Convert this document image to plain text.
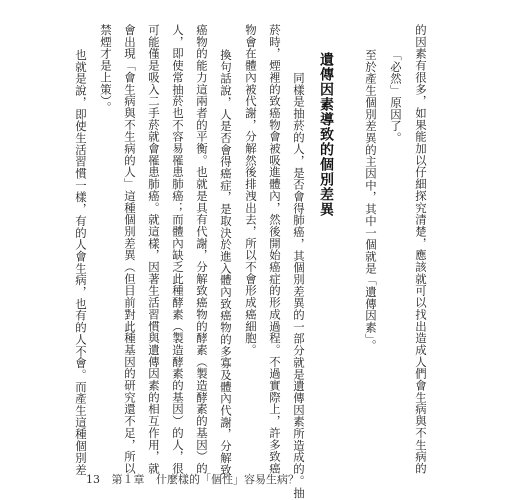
的因素有很多，如果能加以仔細探究清楚，應該就可以找出造成人們會生病與不生病的

「必然」原因了。

至於產生個別差異的主因中，其中一個就是「遺傳因素」。

遺傳因素導致的個別差異

同樣是抽菸的人，是否會得肺癌，其個別差異的一部分就是遺傳因素所造成的。抽

菸時，煙裡的致癌物會被吸進體內，然後開始癌症的形成過程。不過實際上，許多致癌

物會在體內被代謝，分解然後排洩出去，所以不會形成癌細胞。

換句話說，人是否會得癌症，是取決於進入體內致癌物的多寡及體內代謝，分解致

癌物的能力這兩者的平衡。也就是具有代謝，分解致癌物的酵素（製造酵素的基因）的

人，即使常抽菸也不容易罹患肺癌；而體內缺乏此種酵素（製造酵素的基因）的人，很

可能僅是吸入二手菸就會罹患肺癌。就這樣，因著生活習慣與遺傳因素的相互作用，就

會出現「會生病與不生病的人」這種個別差異（但目前對此種基因的研究還不足，所以

禁煙才是上策）。

也就是說，即使生活習慣一樣，有的人會生病，也有的人不會。而產生這種個別差

13 第１章 什麼樣的「個性」容易生病？
